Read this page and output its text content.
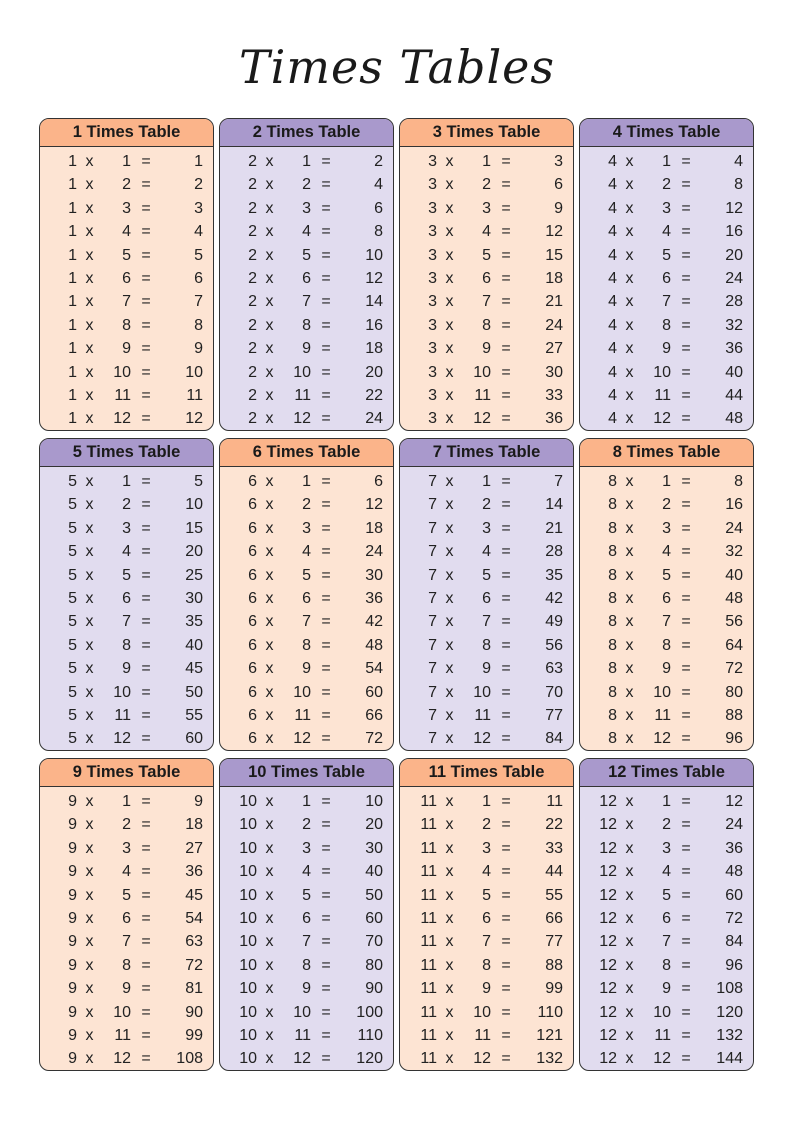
Times Tables
1 Times Table
1 x	1 =	1
1 x	2 =	2
1 x	3 =	3
1 x	4 =	4
1 x	5 =	5
1 x	6 =	6
1 x	7 =	7
1 x	8 =	8
1 x	9 =	9
1 x	10 =	10
1 x	11 =	11
1 x	12 =	12
2 Times Table
2 x	1 =	2
2 x	2 =	4
2 x	3 =	6
2 x	4 =	8
2 x	5 =	10
2 x	6 =	12
2 x	7 =	14
2 x	8 =	16
2 x	9 =	18
2 x	10 =	20
2 x	11 =	22
2 x	12 =	24
3 Times Table
3 x	1 =	3
3 x	2 =	6
3 x	3 =	9
3 x	4 =	12
3 x	5 =	15
3 x	6 =	18
3 x	7 =	21
3 x	8 =	24
3 x	9 =	27
3 x	10 =	30
3 x	11 =	33
3 x	12 =	36
4 Times Table
4 x	1 =	4
4 x	2 =	8
4 x	3 =	12
4 x	4 =	16
4 x	5 =	20
4 x	6 =	24
4 x	7 =	28
4 x	8 =	32
4 x	9 =	36
4 x	10 =	40
4 x	11 =	44
4 x	12 =	48
5 Times Table
5 x	1 =	5
5 x	2 =	10
5 x	3 =	15
5 x	4 =	20
5 x	5 =	25
5 x	6 =	30
5 x	7 =	35
5 x	8 =	40
5 x	9 =	45
5 x	10 =	50
5 x	11 =	55
5 x	12 =	60
6 Times Table
6 x	1 =	6
6 x	2 =	12
6 x	3 =	18
6 x	4 =	24
6 x	5 =	30
6 x	6 =	36
6 x	7 =	42
6 x	8 =	48
6 x	9 =	54
6 x	10 =	60
6 x	11 =	66
6 x	12 =	72
7 Times Table
7 x	1 =	7
7 x	2 =	14
7 x	3 =	21
7 x	4 =	28
7 x	5 =	35
7 x	6 =	42
7 x	7 =	49
7 x	8 =	56
7 x	9 =	63
7 x	10 =	70
7 x	11 =	77
7 x	12 =	84
8 Times Table
8 x	1 =	8
8 x	2 =	16
8 x	3 =	24
8 x	4 =	32
8 x	5 =	40
8 x	6 =	48
8 x	7 =	56
8 x	8 =	64
8 x	9 =	72
8 x	10 =	80
8 x	11 =	88
8 x	12 =	96
9 Times Table
9 x	1 =	9
9 x	2 =	18
9 x	3 =	27
9 x	4 =	36
9 x	5 =	45
9 x	6 =	54
9 x	7 =	63
9 x	8 =	72
9 x	9 =	81
9 x	10 =	90
9 x	11 =	99
9 x	12 =	108
10 Times Table
10 x	1 =	10
10 x	2 =	20
10 x	3 =	30
10 x	4 =	40
10 x	5 =	50
10 x	6 =	60
10 x	7 =	70
10 x	8 =	80
10 x	9 =	90
10 x	10 =	100
10 x	11 =	110
10 x	12 =	120
11 Times Table
11 x	1 =	11
11 x	2 =	22
11 x	3 =	33
11 x	4 =	44
11 x	5 =	55
11 x	6 =	66
11 x	7 =	77
11 x	8 =	88
11 x	9 =	99
11 x	10 =	110
11 x	11 =	121
11 x	12 =	132
12 Times Table
12 x	1 =	12
12 x	2 =	24
12 x	3 =	36
12 x	4 =	48
12 x	5 =	60
12 x	6 =	72
12 x	7 =	84
12 x	8 =	96
12 x	9 =	108
12 x	10 =	120
12 x	11 =	132
12 x	12 =	144
